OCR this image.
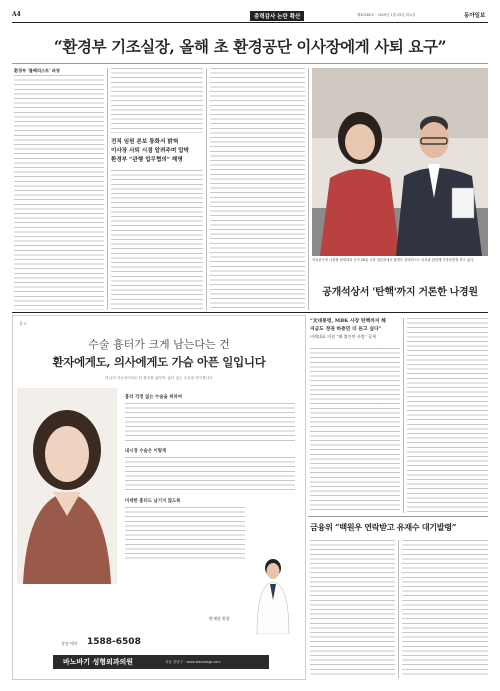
A4	총력감사 논란 확산	제30282호 · 2019년 1월 29일 화요일	동아일보
“환경부 기조실장, 올해 초 환경공단 이사장에게 사퇴 요구”
환경부 '블랙리스트' 파장
전직 임원 본보 통화서 밝혀
이사장 사퇴 시점 알려주며 압박
환경부 “관행 업무협의” 해명
자유한국당 나경원 원내대표 등이 28일 국회 정론관에서 환경부 블랙리스트 의혹과 관련해 기자회견을 하고 있다.
공개석상서 '탄핵'까지 거론한 나경원
광고
수술 흉터가 크게 남는다는 건
환자에게도, 의사에게도 가슴 아픈 일입니다
하나의 가능성이라도 더 환자를 위하여, 흉터 없는 수술을 연구합니다
흉터 걱정 없는 수술을 위하여
내시경 수술은 이렇게
미세한 흉터도 남기지 않도록
반재상 원장
상담·예약 1588-6508
바노바기 성형외과의원	서울 강남구 · www.banobagi.com
“文대통령, MBK 사장 탄핵까지 해
지금도 정권 하층민 더 듣고 싶다”
비례대표 의원 “왜 법안만 사람” 공세
금융위 “백원우 연락받고 유재수 대기발령”
